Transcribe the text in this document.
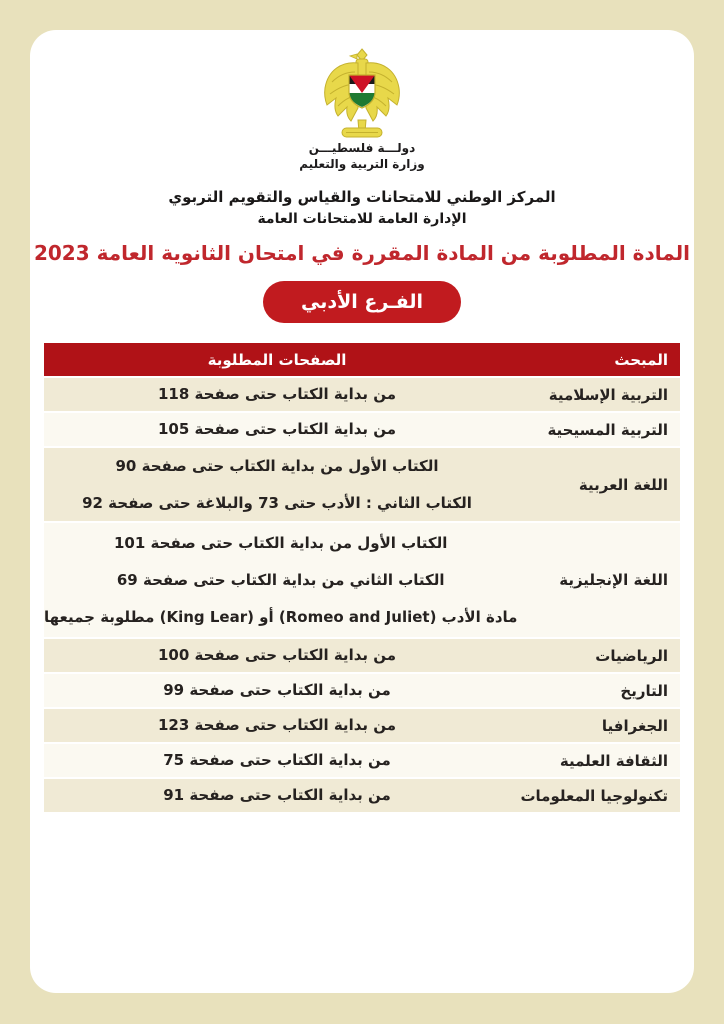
دولـــة فلسطيـــن
وزارة التربية والتعليم
المركز الوطني للامتحانات والقياس والتقويم التربوي
الإدارة العامة للامتحانات العامة
المادة المطلوبة من المادة المقررة في امتحان الثانوية العامة 2023
الفـرع الأدبي
المبحث
الصفحات المطلوبة
التربية الإسلامية
من بداية الكتاب حتى صفحة 118
التربية المسيحية
من بداية الكتاب حتى صفحة 105
اللغة العربية
الكتاب الأول من بداية الكتاب حتى صفحة 90
الكتاب الثاني : الأدب حتى 73 والبلاغة حتى صفحة 92
اللغة الإنجليزية
الكتاب الأول من بداية الكتاب حتى صفحة 101
الكتاب الثاني من بداية الكتاب حتى صفحة 69
مادة الأدب (Romeo and Juliet) أو (King Lear) مطلوبة جميعها
الرياضيات
من بداية الكتاب حتى صفحة 100
التاريخ
من بداية الكتاب حتى صفحة 99
الجغرافيا
من بداية الكتاب حتى صفحة 123
الثقافة العلمية
من بداية الكتاب حتى صفحة 75
تكنولوجيا المعلومات
من بداية الكتاب حتى صفحة 91
